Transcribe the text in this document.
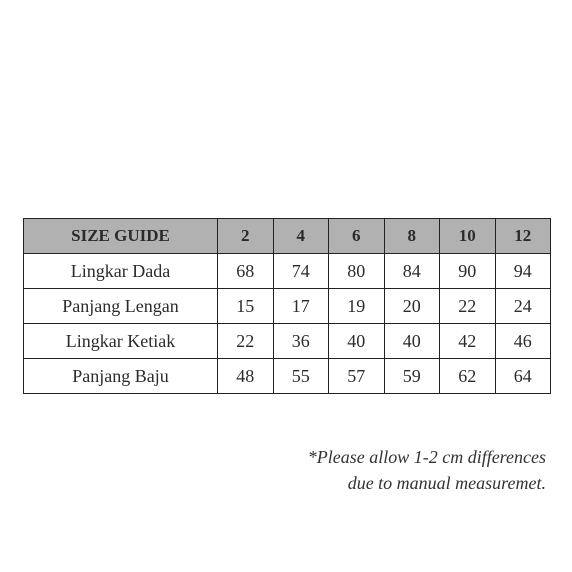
SIZE GUIDE	2	4	6	8	10	12
Lingkar Dada	68	74	80	84	90	94
Panjang Lengan	15	17	19	20	22	24
Lingkar Ketiak	22	36	40	40	42	46
Panjang Baju	48	55	57	59	62	64
*Please allow 1-2 cm differences
due to manual measuremet.
